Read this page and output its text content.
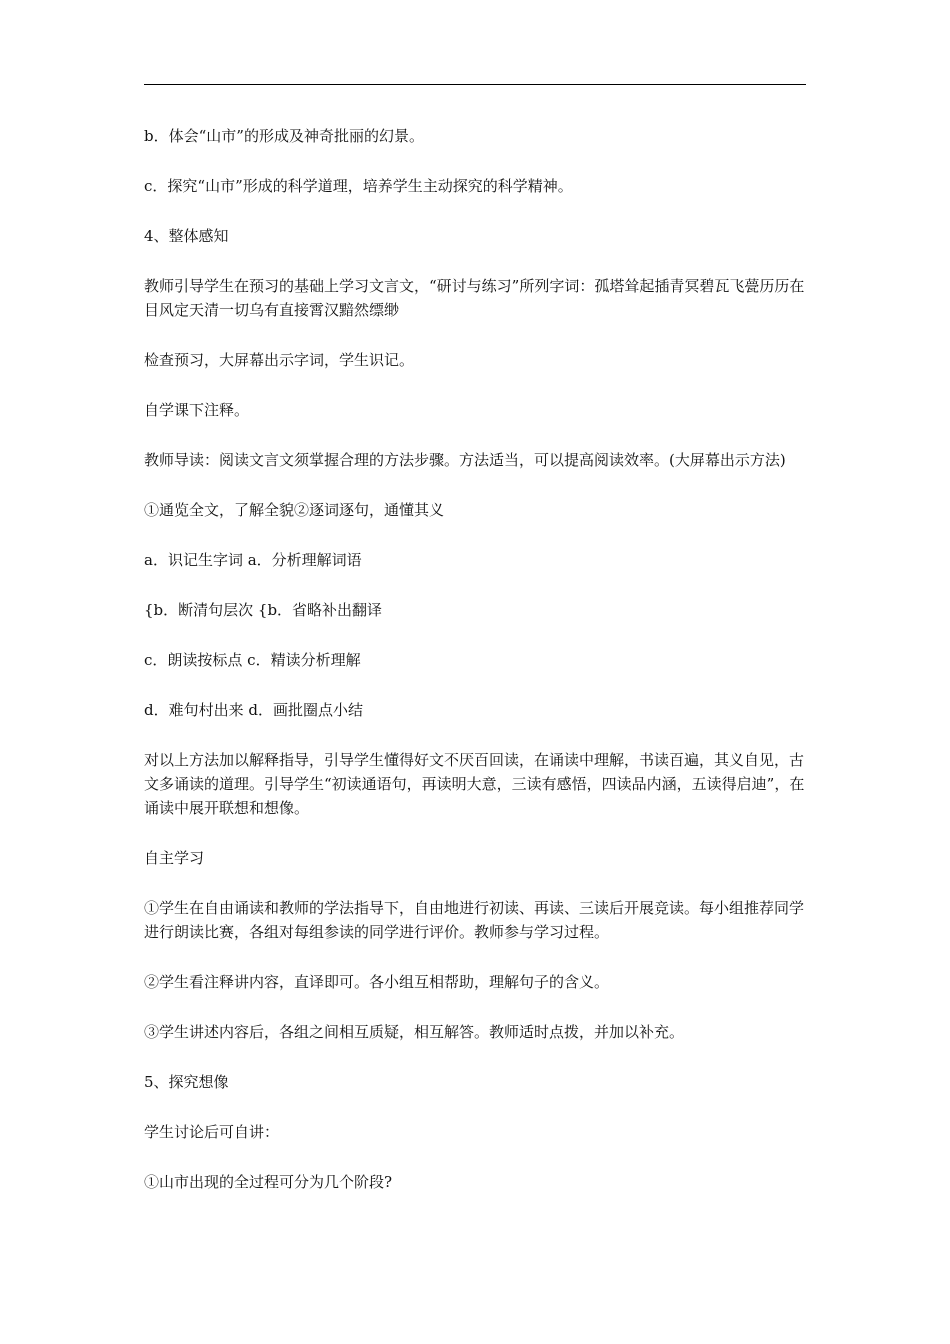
b．体会“山市”的形成及神奇批丽的幻景。

c．探究“山市”形成的科学道理，培养学生主动探究的科学精神。

4、整体感知

教师引导学生在预习的基础上学习文言文，“研讨与练习”所列字词：孤塔耸起插青冥碧瓦飞甍历历在目风定天清一切乌有直接霄汉黯然缥缈

检查预习，大屏幕出示字词，学生识记。

自学课下注释。

教师导读：阅读文言文须掌握合理的方法步骤。方法适当，可以提高阅读效率。(大屏幕出示方法)

①通览全文，了解全貌②逐词逐句，通懂其义

a．识记生字词 a．分析理解词语

{b．断清句层次 {b．省略补出翻译

c．朗读按标点 c．精读分析理解

d．难句村出来 d．画批圈点小结

对以上方法加以解释指导，引导学生懂得好文不厌百回读，在诵读中理解，书读百遍，其义自见，古文多诵读的道理。引导学生“初读通语句，再读明大意，三读有感悟，四读品内涵，五读得启迪”，在诵读中展开联想和想像。

自主学习

①学生在自由诵读和教师的学法指导下，自由地进行初读、再读、三读后开展竞读。每小组推荐同学进行朗读比赛，各组对每组参读的同学进行评价。教师参与学习过程。

②学生看注释讲内容，直译即可。各小组互相帮助，理解句子的含义。

③学生讲述内容后，各组之间相互质疑，相互解答。教师适时点拨，并加以补充。

5、探究想像

学生讨论后可自讲：

①山市出现的全过程可分为几个阶段?
